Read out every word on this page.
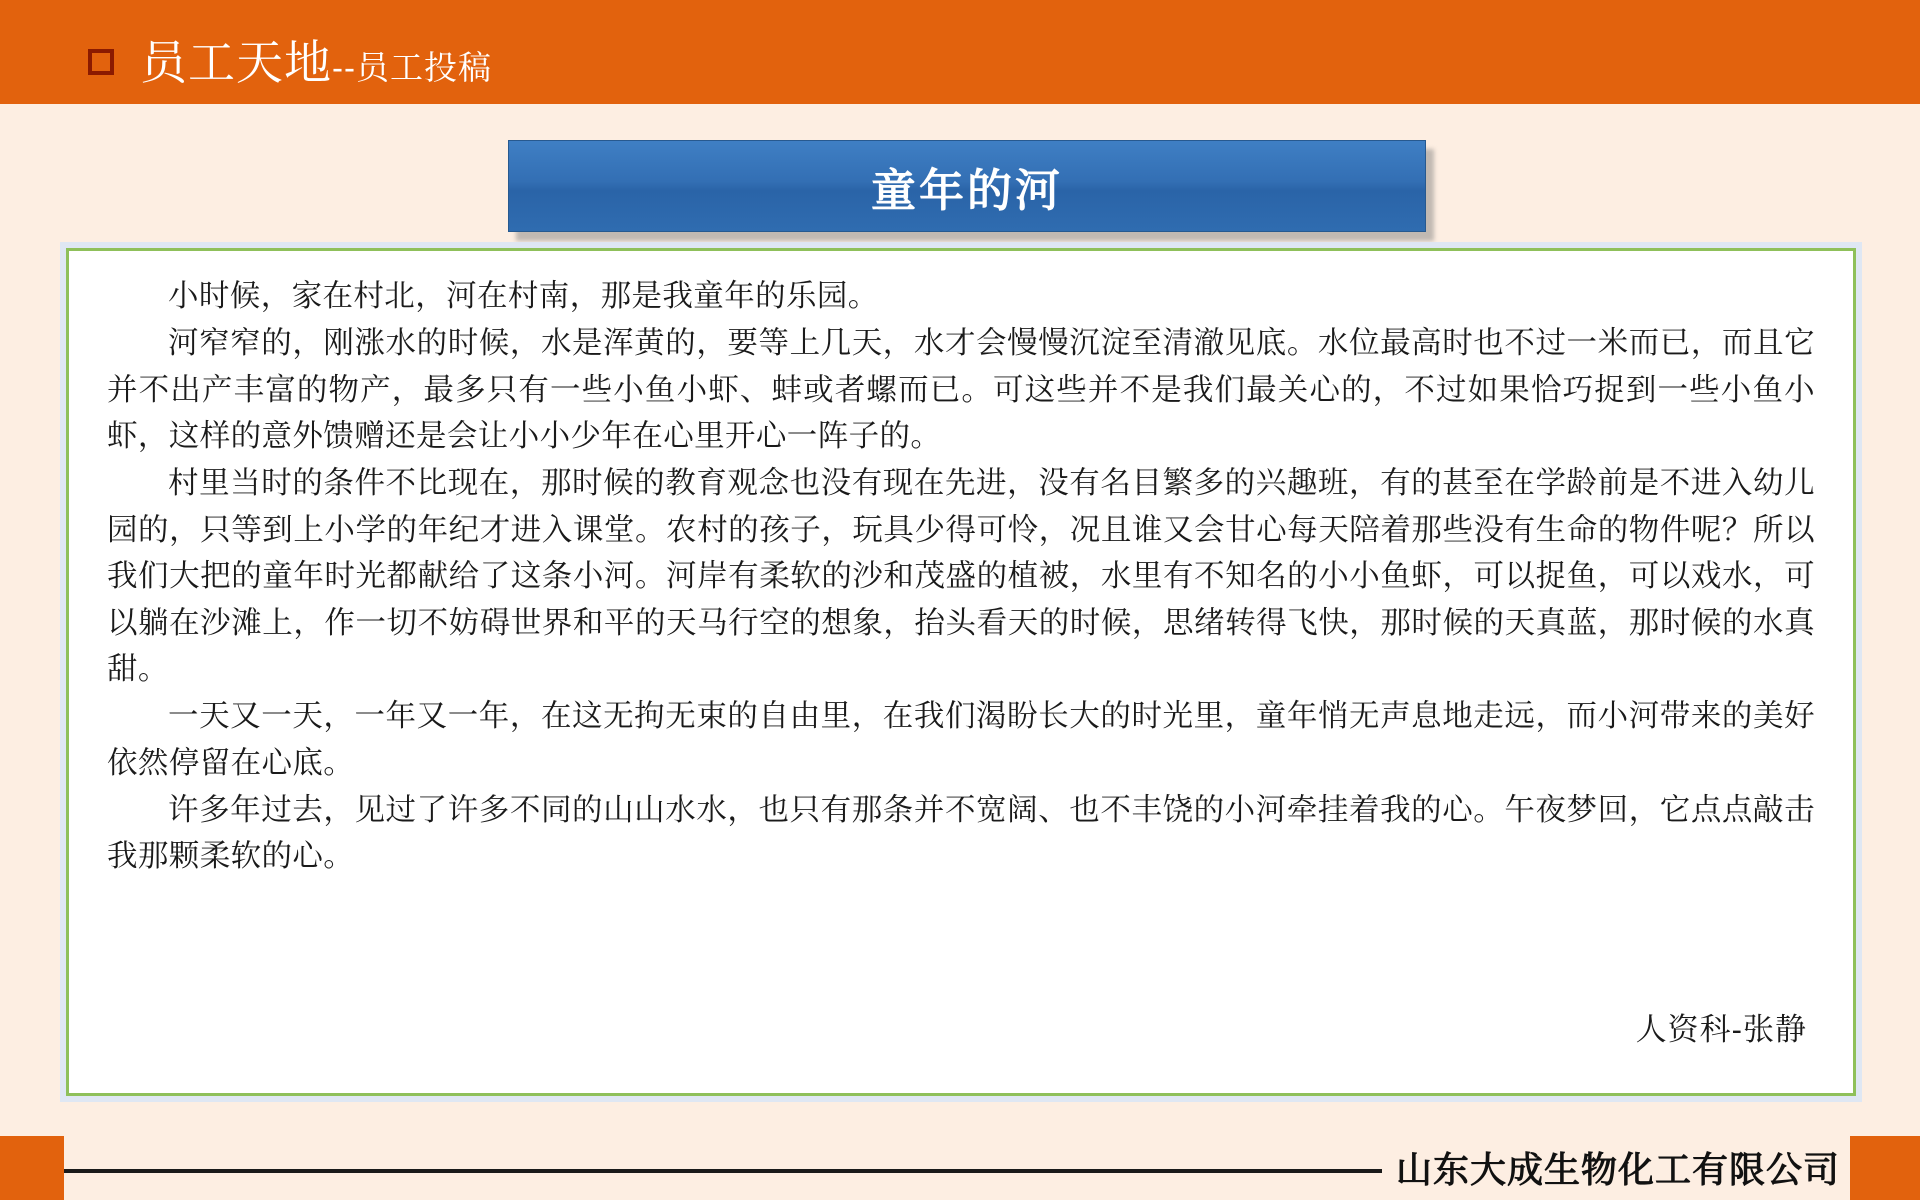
员工天地 --员工投稿
童年的河

小时候，家在村北，河在村南，那是我童年的乐园。

河窄窄的，刚涨水的时候，水是浑黄的，要等上几天，水才会慢慢沉淀至清澈见底。水位最高时也不过一米而已，而且它并不出产丰富的物产，最多只有一些小鱼小虾、蚌或者螺而已。可这些并不是我们最关心的，不过如果恰巧捉到一些小鱼小虾，这样的意外馈赠还是会让小小少年在心里开心一阵子的。

村里当时的条件不比现在，那时候的教育观念也没有现在先进，没有名目繁多的兴趣班，有的甚至在学龄前是不进入幼儿园的，只等到上小学的年纪才进入课堂。农村的孩子，玩具少得可怜，况且谁又会甘心每天陪着那些没有生命的物件呢？所以我们大把的童年时光都献给了这条小河。河岸有柔软的沙和茂盛的植被，水里有不知名的小小鱼虾，可以捉鱼，可以戏水，可以躺在沙滩上，作一切不妨碍世界和平的天马行空的想象，抬头看天的时候，思绪转得飞快，那时候的天真蓝，那时候的水真甜。

一天又一天，一年又一年，在这无拘无束的自由里，在我们渴盼长大的时光里，童年悄无声息地走远，而小河带来的美好依然停留在心底。

许多年过去，见过了许多不同的山山水水，也只有那条并不宽阔、也不丰饶的小河牵挂着我的心。午夜梦回，它点点敲击我那颗柔软的心。

人资科-张静
山东大成生物化工有限公司
